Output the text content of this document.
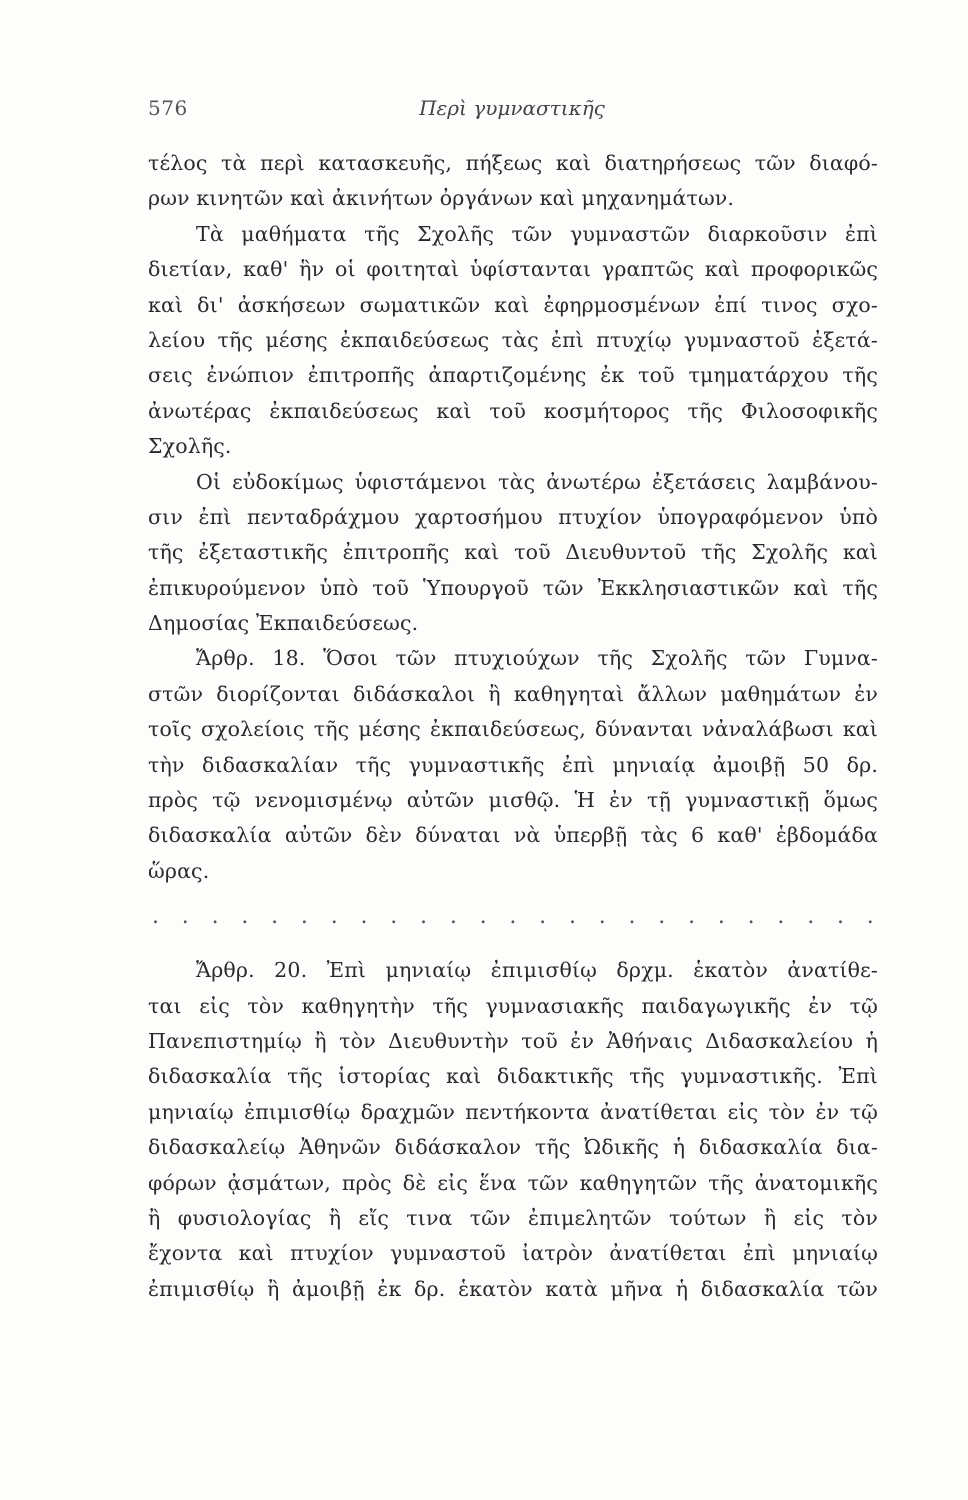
576	Περὶ γυμναστικῆς
τέλος τὰ περὶ κατασκευῆς, πήξεως καὶ διατηρήσεως τῶν διαφό-
ρων κινητῶν καὶ ἀκινήτων ὀργάνων καὶ μηχανημάτων.
Τὰ μαθήματα τῆς Σχολῆς τῶν γυμναστῶν διαρκοῦσιν ἐπὶ
διετίαν, καθ' ἣν οἱ φοιτηταὶ ὑφίστανται γραπτῶς καὶ προφορικῶς
καὶ δι' ἀσκήσεων σωματικῶν καὶ ἐφηρμοσμένων ἐπί τινος σχο-
λείου τῆς μέσης ἐκπαιδεύσεως τὰς ἐπὶ πτυχίῳ γυμναστοῦ ἐξετά-
σεις ἐνώπιον ἐπιτροπῆς ἀπαρτιζομένης ἐκ τοῦ τμηματάρχου τῆς
ἀνωτέρας ἐκπαιδεύσεως καὶ τοῦ κοσμήτορος τῆς Φιλοσοφικῆς
Σχολῆς.
Οἱ εὐδοκίμως ὑφιστάμενοι τὰς ἀνωτέρω ἐξετάσεις λαμβάνου-
σιν ἐπὶ πενταδράχμου χαρτοσήμου πτυχίον ὑπογραφόμενον ὑπὸ
τῆς ἐξεταστικῆς ἐπιτροπῆς καὶ τοῦ Διευθυντοῦ τῆς Σχολῆς καὶ
ἐπικυρούμενον ὑπὸ τοῦ Ὑπουργοῦ τῶν Ἐκκλησιαστικῶν καὶ τῆς
Δημοσίας Ἐκπαιδεύσεως.
Ἄρθρ. 18. Ὅσοι τῶν πτυχιούχων τῆς Σχολῆς τῶν Γυμνα-
στῶν διορίζονται διδάσκαλοι ἢ καθηγηταὶ ἄλλων μαθημάτων ἐν
τοῖς σχολείοις τῆς μέσης ἐκπαιδεύσεως, δύνανται νἀναλάβωσι καὶ
τὴν διδασκαλίαν τῆς γυμναστικῆς ἐπὶ μηνιαίᾳ ἀμοιβῇ 50 δρ.
πρὸς τῷ νενομισμένῳ αὐτῶν μισθῷ. Ἡ ἐν τῇ γυμναστικῇ ὅμως
διδασκαλία αὐτῶν δὲν δύναται νὰ ὑπερβῇ τὰς 6 καθ' ἑβδομάδα
ὥρας.
. . . . . . . . . . . . . . . . . . . . . . . . .
Ἄρθρ. 20. Ἐπὶ μηνιαίῳ ἐπιμισθίῳ δρχμ. ἑκατὸν ἀνατίθε-
ται εἰς τὸν καθηγητὴν τῆς γυμνασιακῆς παιδαγωγικῆς ἐν τῷ
Πανεπιστημίῳ ἢ τὸν Διευθυντὴν τοῦ ἐν Ἀθήναις Διδασκαλείου ἡ
διδασκαλία τῆς ἱστορίας καὶ διδακτικῆς τῆς γυμναστικῆς. Ἐπὶ
μηνιαίῳ ἐπιμισθίῳ δραχμῶν πεντήκοντα ἀνατίθεται εἰς τὸν ἐν τῷ
διδασκαλείῳ Ἀθηνῶν διδάσκαλον τῆς Ὠδικῆς ἡ διδασκαλία δια-
φόρων ᾀσμάτων, πρὸς δὲ εἰς ἕνα τῶν καθηγητῶν τῆς ἀνατομικῆς
ἢ φυσιολογίας ἢ εἴς τινα τῶν ἐπιμελητῶν τούτων ἢ εἰς τὸν
ἔχοντα καὶ πτυχίον γυμναστοῦ ἰατρὸν ἀνατίθεται ἐπὶ μηνιαίῳ
ἐπιμισθίῳ ἢ ἀμοιβῇ ἐκ δρ. ἑκατὸν κατὰ μῆνα ἡ διδασκαλία τῶν
